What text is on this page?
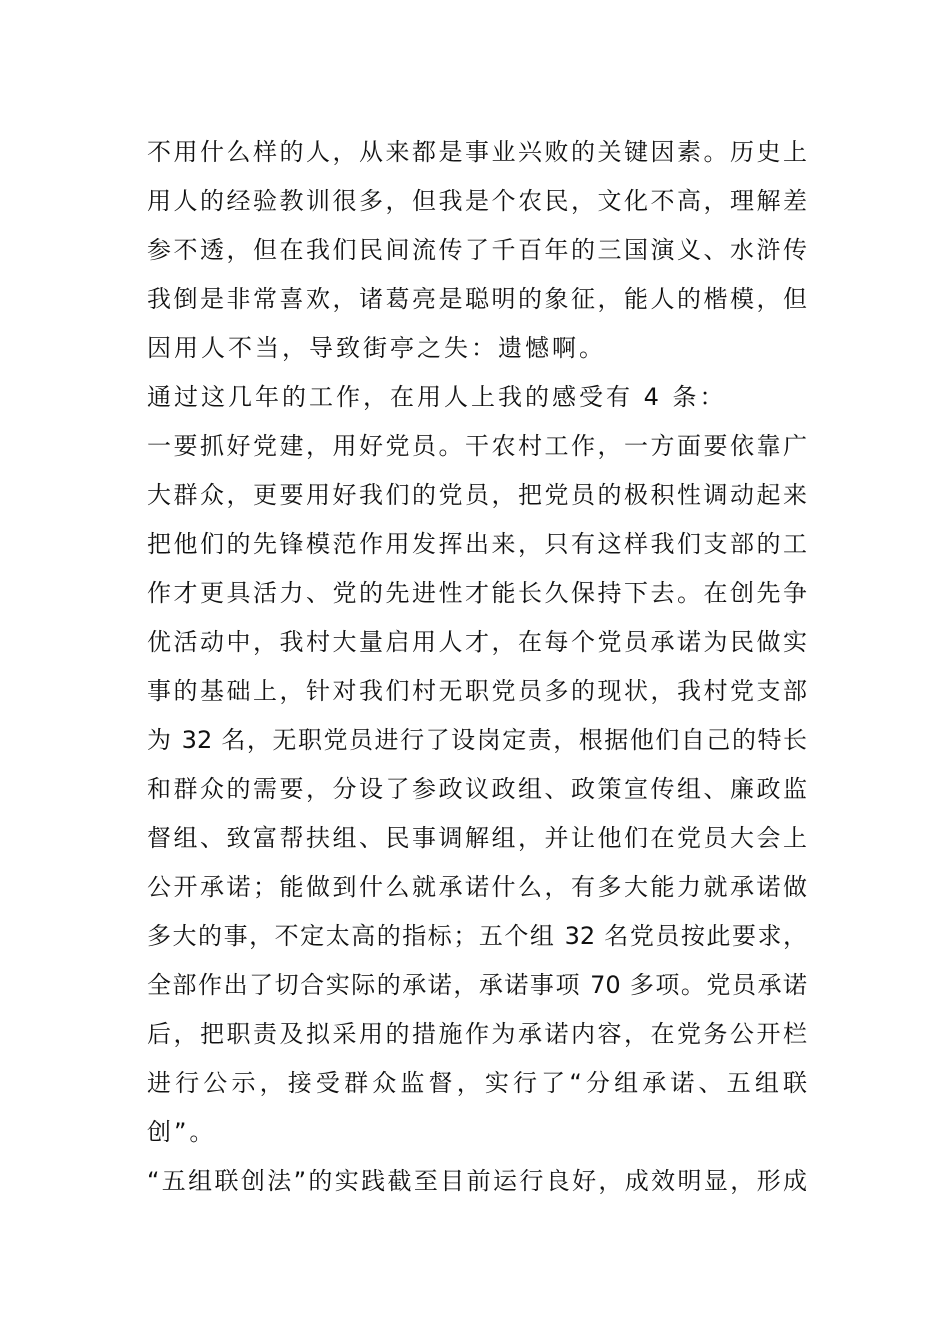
不用什么样的人，从来都是事业兴败的关键因素。历史上
用人的经验教训很多，但我是个农民，文化不高，理解差
参不透，但在我们民间流传了千百年的三国演义、水浒传
我倒是非常喜欢，诸葛亮是聪明的象征，能人的楷模，但
因用人不当，导致街亭之失：遗憾啊。
通过这几年的工作，在用人上我的感受有 4 条：
一要抓好党建，用好党员。干农村工作，一方面要依靠广
大群众，更要用好我们的党员，把党员的极积性调动起来
把他们的先锋模范作用发挥出来，只有这样我们支部的工
作才更具活力、党的先进性才能长久保持下去。在创先争
优活动中，我村大量启用人才，在每个党员承诺为民做实
事的基础上，针对我们村无职党员多的现状，我村党支部
为 32 名，无职党员进行了设岗定责，根据他们自己的特长
和群众的需要，分设了参政议政组、政策宣传组、廉政监
督组、致富帮扶组、民事调解组，并让他们在党员大会上
公开承诺；能做到什么就承诺什么，有多大能力就承诺做
多大的事，不定太高的指标；五个组 32 名党员按此要求，
全部作出了切合实际的承诺，承诺事项 70 多项。党员承诺
后，把职责及拟采用的措施作为承诺内容，在党务公开栏
进行公示，接受群众监督，实行了“分组承诺、五组联
创”。
“五组联创法”的实践截至目前运行良好，成效明显，形成
